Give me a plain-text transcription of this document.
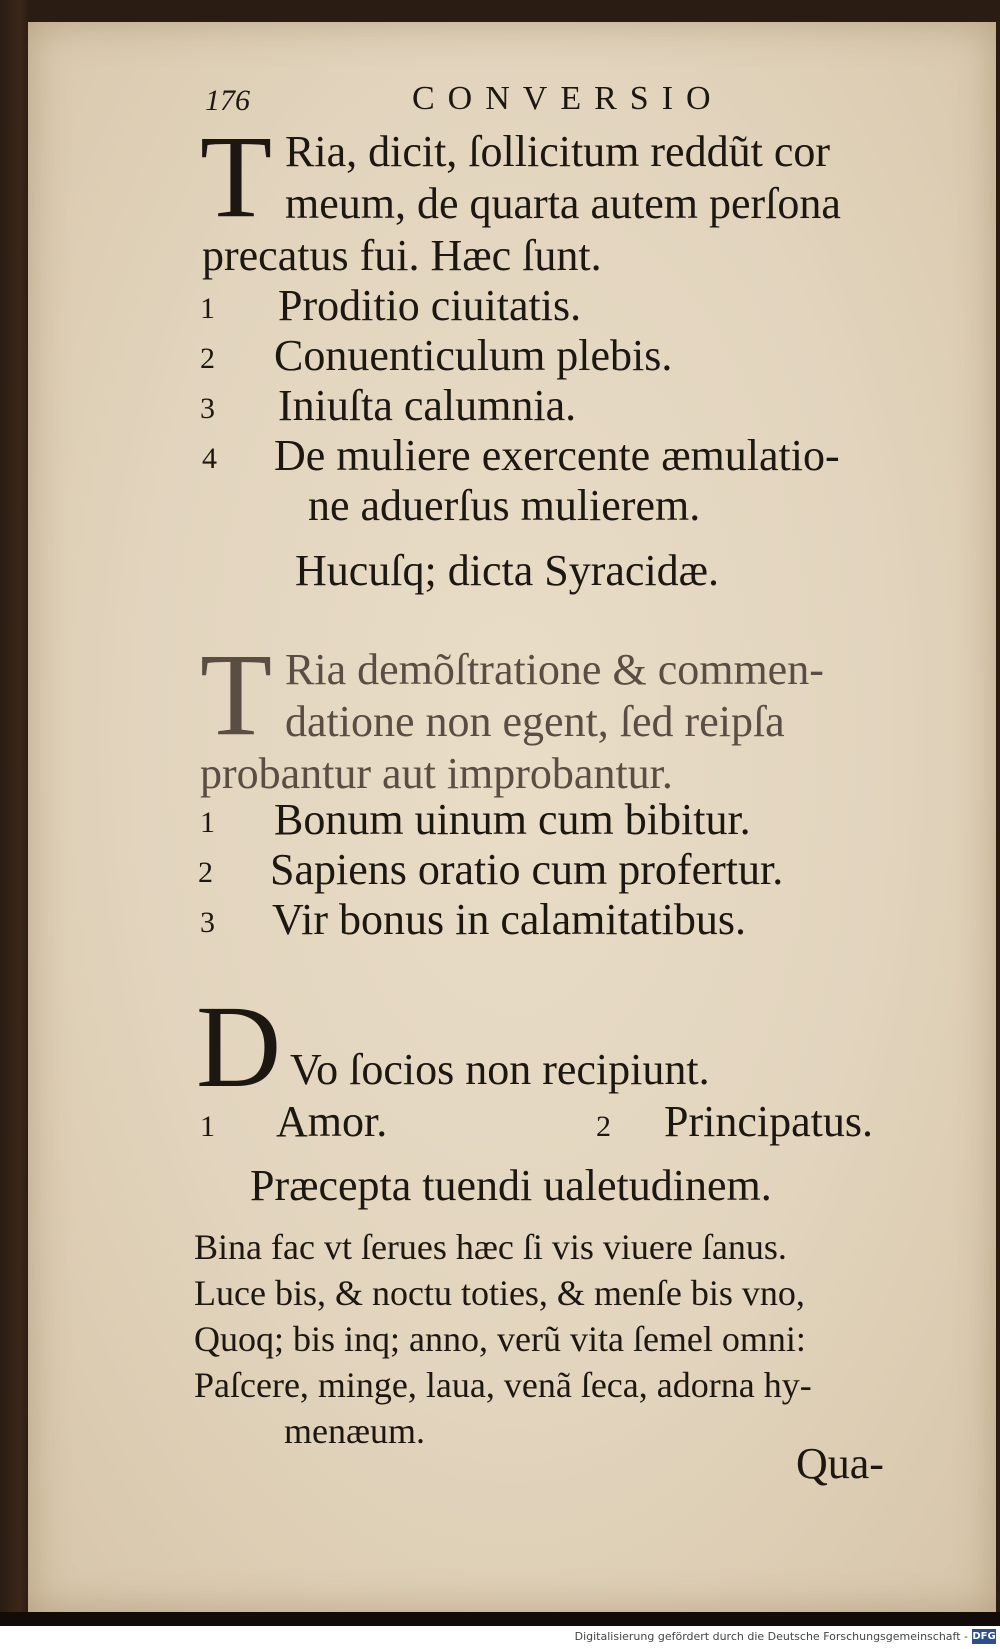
176	CONVERSIO
T Ria, dicit, ſollicitum reddũt cor
meum, de quarta autem perſona
precatus fui. Hæc ſunt.
1 Proditio ciuitatis.
2 Conuenticulum plebis.
3 Iniuſta calumnia.
4 De muliere exercente æmulatio-
ne aduerſus mulierem.
Hucuſq; dicta Syracidæ.
T Ria demõſtratione & commen-
datione non egent, ſed reipſa
probantur aut improbantur.
1 Bonum uinum cum bibitur.
2 Sapiens oratio cum profertur.
3 Vir bonus in calamitatibus.
D Vo ſocios non recipiunt.
1 Amor.	2 Principatus.
Præcepta tuendi ualetudinem.
Bina fac vt ſerues hæc ſi vis viuere ſanus.
Luce bis, & noctu toties, & menſe bis vno,
Quoq; bis inq; anno, verũ vita ſemel omni:
Paſcere, minge, laua, venã ſeca, adorna hy-
menæum.
Qua-
Digitalisierung gefördert durch die Deutsche Forschungsgemeinschaft - DFG
